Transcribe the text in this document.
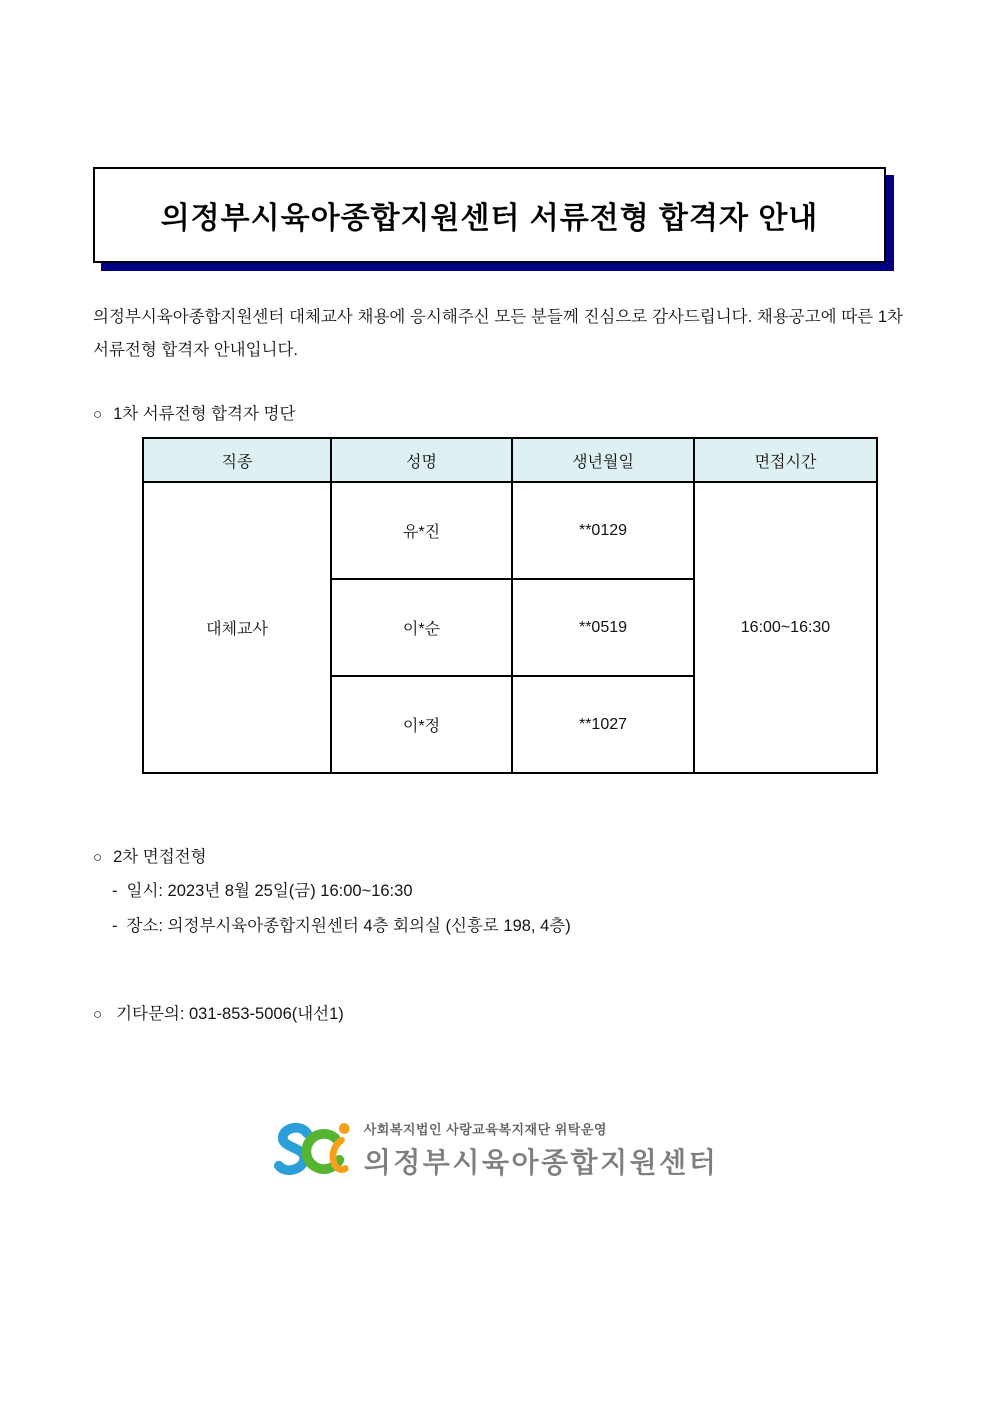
의정부시육아종합지원센터 서류전형 합격자 안내

의정부시육아종합지원센터 대체교사 채용에 응시해주신 모든 분들께 진심으로 감사드립니다. 채용공고에 따른 1차 서류전형 합격자 안내입니다.

○ 1차 서류전형 합격자 명단
직종	성명	생년월일	면접시간
대체교사	유*진	**0129	16:00~16:30
	이*순	**0519	
	이*정	**1027	
○ 2차 면접전형
- 일시: 2023년 8월 25일(금) 16:00~16:30
- 장소: 의정부시육아종합지원센터 4층 회의실 (신흥로 198, 4층)
○ 기타문의: 031-853-5006(내선1)
사회복지법인 사랑교육복지재단 위탁운영
의정부시육아종합지원센터
